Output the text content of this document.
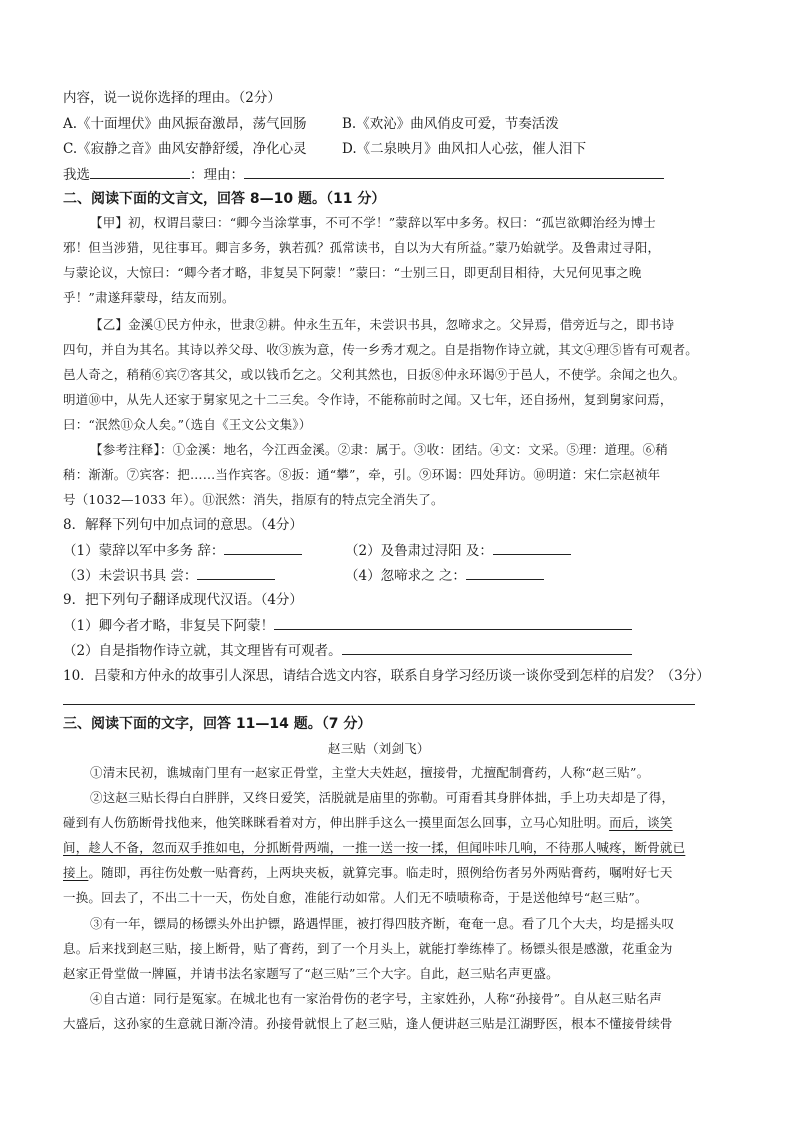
内容，说一说你选择的理由。（2分）
A.《十面埋伏》曲风振奋激昂，荡气回肠	B.《欢沁》曲风俏皮可爱，节奏活泼
C.《寂静之音》曲风安静舒缓，净化心灵	D.《二泉映月》曲风扣人心弦，催人泪下
我选	：理由：
二、阅读下面的文言文，回答 8—10 题。（11 分）
【甲】初，权谓吕蒙曰：“卿今当涂掌事，不可不学！”蒙辞以军中多务。权曰：“孤岂欲卿治经为博士
邪！但当涉猎，见往事耳。卿言多务，孰若孤？孤常读书，自以为大有所益。”蒙乃始就学。及鲁肃过寻阳，
与蒙论议，大惊曰：“卿今者才略，非复吴下阿蒙！”蒙曰：“士别三日，即更刮目相待，大兄何见事之晚
乎！”肃遂拜蒙母，结友而别。
【乙】金溪①民方仲永，世隶②耕。仲永生五年，未尝识书具，忽啼求之。父异焉，借旁近与之，即书诗
四句，并自为其名。其诗以养父母、收③族为意，传一乡秀才观之。自是指物作诗立就，其文④理⑤皆有可观者。
邑人奇之，稍稍⑥宾⑦客其父，或以钱币乞之。父利其然也，日扳⑧仲永环谒⑨于邑人，不使学。余闻之也久。
明道⑩中，从先人还家于舅家见之十二三矣。令作诗，不能称前时之闻。又七年，还自扬州，复到舅家问焉，
曰：“泯然⑪众人矣。”（选自《王文公文集》）
【参考注释】：①金溪：地名，今江西金溪。②隶：属于。③收：团结。④文：文采。⑤理：道理。⑥稍
稍：渐渐。⑦宾客：把……当作宾客。⑧扳：通“攀”，牵，引。⑨环谒：四处拜访。⑩明道：宋仁宗赵祯年
号（1032—1033 年）。⑪泯然：消失，指原有的特点完全消失了。
8．解释下列句中加点词的意思。（4分）
（1）蒙辞以军中多务 辞：	（2）及鲁肃过浔阳 及：
（3）未尝识书具 尝：	（4）忽啼求之 之：
9．把下列句子翻译成现代汉语。（4分）
（1）卿今者才略，非复吴下阿蒙！
（2）自是指物作诗立就，其文理皆有可观者。
10．吕蒙和方仲永的故事引人深思，请结合选文内容，联系自身学习经历谈一谈你受到怎样的启发？（3分）
三、阅读下面的文字，回答 11—14 题。（7 分）
赵三贴（刘剑飞）
①清末民初，谯城南门里有一赵家正骨堂，主堂大夫姓赵，擅接骨，尤擅配制膏药，人称“赵三贴”。
②这赵三贴长得白白胖胖，又终日爱笑，活脱就是庙里的弥勒。可甭看其身胖体拙，手上功夫却是了得，
碰到有人伤筋断骨找他来，他笑眯眯看着对方，伸出胖手这么一摸里面怎么回事，立马心知肚明。而后，谈笑
间，趁人不备，忽而双手推如电，分抓断骨两端，一推一送一按一揉，但闻咔咔几响，不待那人喊疼，断骨就已
接上。随即，再往伤处敷一贴膏药，上两块夹板，就算完事。临走时，照例给伤者另外两贴膏药，嘱咐好七天
一换。回去了，不出二十一天，伤处自愈，准能行动如常。人们无不啧啧称奇，于是送他绰号“赵三贴”。
③有一年，镖局的杨镖头外出护镖，路遇悍匪，被打得四肢齐断，奄奄一息。看了几个大夫，均是摇头叹
息。后来找到赵三贴，接上断骨，贴了膏药，到了一个月头上，就能打拳练棒了。杨镖头很是感激，花重金为
赵家正骨堂做一牌匾，并请书法名家题写了“赵三贴”三个大字。自此，赵三贴名声更盛。
④自古道：同行是冤家。在城北也有一家治骨伤的老字号，主家姓孙，人称“孙接骨”。自从赵三贴名声
大盛后，这孙家的生意就日渐冷清。孙接骨就恨上了赵三贴，逢人便讲赵三贴是江湖野医，根本不懂接骨续骨
